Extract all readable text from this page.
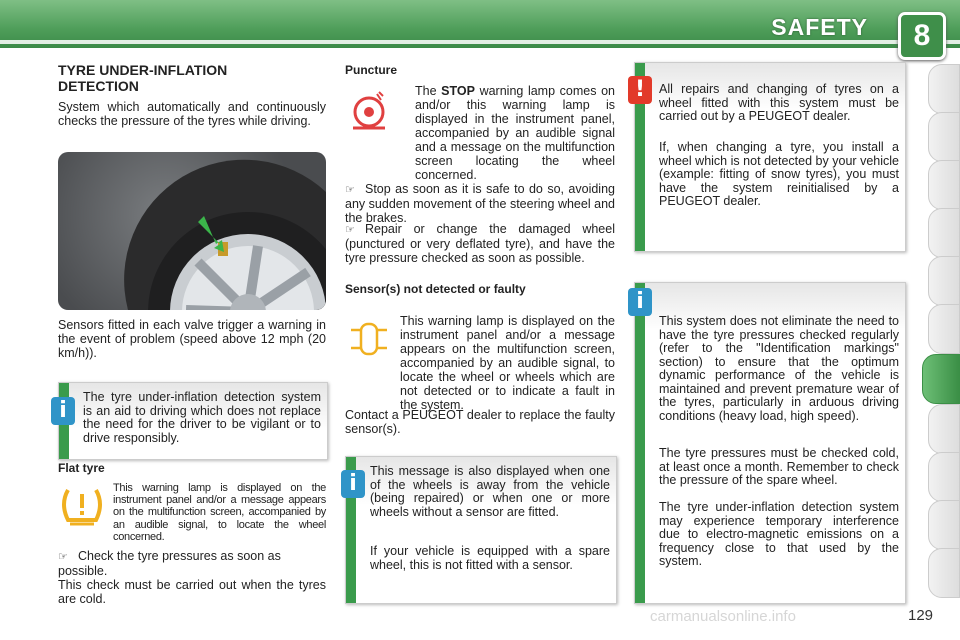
SAFETY	8
TYRE UNDER-INFLATION DETECTION
System which automatically and continuously checks the pressure of the tyres while driving.
Sensors fitted in each valve trigger a warning in the event of problem (speed above 12 mph (20 km/h)).
The tyre under-inflation detection system is an aid to driving which does not replace the need for the driver to be vigilant or to drive responsibly.
i
Flat tyre
This warning lamp is displayed on the instrument panel and/or a message appears on the multifunction screen, accompanied by an audible signal, to locate the wheel concerned.
☞ Check the tyre pressures as soon as possible.
This check must be carried out when the tyres are cold.
Puncture
The STOP warning lamp comes on and/or this warning lamp is displayed in the instrument panel, accompanied by an audible signal and a message on the multifunction screen locating the wheel concerned.
☞ Stop as soon as it is safe to do so, avoiding any sudden movement of the steering wheel and the brakes.
☞ Repair or change the damaged wheel (punctured or very deflated tyre), and have the tyre pressure checked as soon as possible.
Sensor(s) not detected or faulty
This warning lamp is displayed on the instrument panel and/or a message appears on the multifunction screen, accompanied by an audible signal, to locate the wheel or wheels which are not detected or to indicate a fault in the system.
Contact a PEUGEOT dealer to replace the faulty sensor(s).
This message is also displayed when one of the wheels is away from the vehicle (being repaired) or when one or more wheels without a sensor are fitted.
If your vehicle is equipped with a spare wheel, this is not fitted with a sensor.
i
All repairs and changing of tyres on a wheel fitted with this system must be carried out by a PEUGEOT dealer.
If, when changing a tyre, you install a wheel which is not detected by your vehicle (example: fitting of snow tyres), you must have the system reinitialised by a PEUGEOT dealer.
!
This system does not eliminate the need to have the tyre pressures checked regularly (refer to the "Identification markings" section) to ensure that the optimum dynamic performance of the vehicle is maintained and prevent premature wear of the tyres, particularly in arduous driving conditions (heavy load, high speed).
The tyre pressures must be checked cold, at least once a month. Remember to check the pressure of the spare wheel.
The tyre under-inflation detection system may experience temporary interference due to electro-magnetic emissions on a frequency close to that used by the system.
i
carmanualsonline.info	129
